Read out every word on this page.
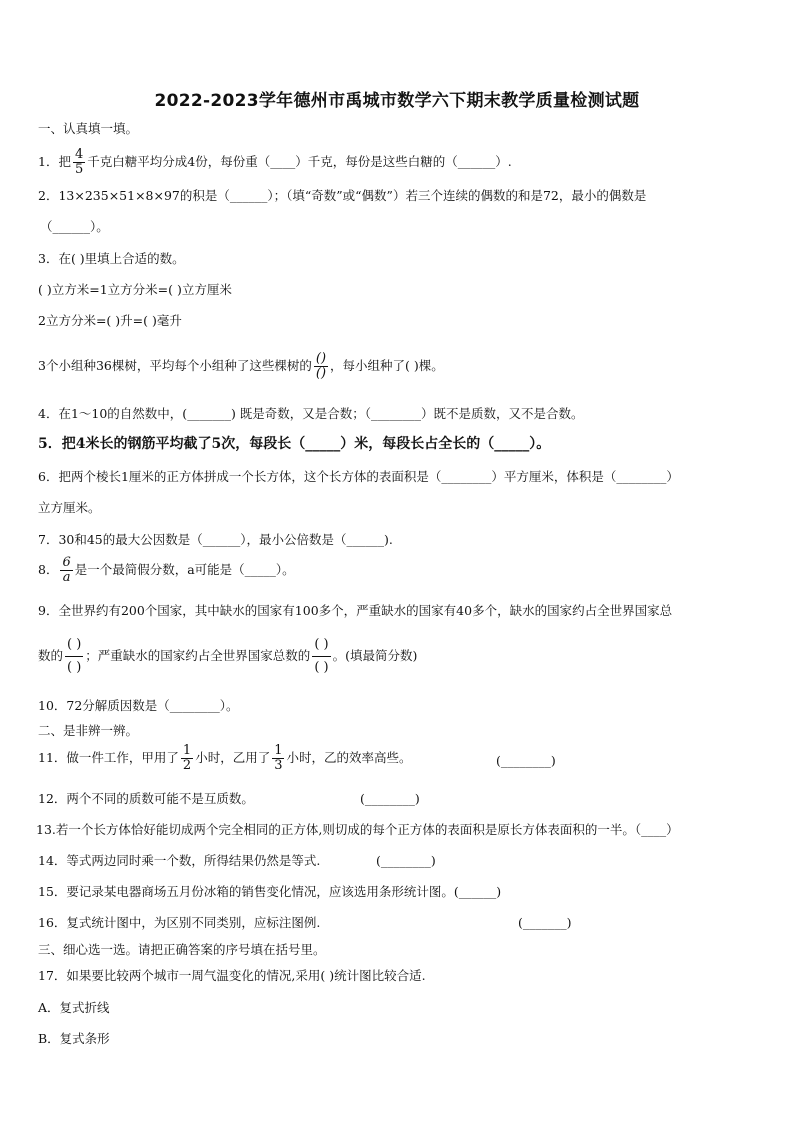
2022-2023学年德州市禹城市数学六下期末教学质量检测试题
一、认真填一填。
1．把 $\frac{4}{5}$ 千克白糖平均分成4份，每份重（____）千克，每份是这些白糖的（______）.
2．13×235×51×8×97的积是（______）；（填“奇数”或“偶数”）若三个连续的偶数的和是72，最小的偶数是
（______）。
3．在( )里填上合适的数。
( )立方米=1立方分米=( )立方厘米
2立方分米=( )升=( )毫升
3个小组种36棵树，平均每个小组种了这些棵树的 $\frac{()}{()}$ ，每小组种了( )棵。
4．在1～10的自然数中，(_______) 既是奇数，又是合数；（________）既不是质数，又不是合数。
5．把4米长的钢筋平均截了5次，每段长（_____）米，每段长占全长的（_____）。
6．把两个棱长1厘米的正方体拼成一个长方体，这个长方体的表面积是（________）平方厘米，体积是（________）
立方厘米。
7．30和45的最大公因数是（______），最小公倍数是（______).
8． $\frac{6}{a}$ 是一个最简假分数，a可能是（_____）。
9．全世界约有200个国家，其中缺水的国家有100多个，严重缺水的国家有40多个，缺水的国家约占全世界国家总
数的 $\frac{( )}{( )}$ ；严重缺水的国家约占全世界国家总数的 $\frac{( )}{( )}$ 。(填最简分数)
10．72分解质因数是（________）。
二、是非辨一辨。
11．做一件工作，甲用了 $\frac{1}{2}$ 小时，乙用了 $\frac{1}{3}$ 小时，乙的效率高些。	(________)
12．两个不同的质数可能不是互质数。	(________)
13.若一个长方体恰好能切成两个完全相同的正方体,则切成的每个正方体的表面积是原长方体表面积的一半。（____）
14．等式两边同时乘一个数，所得结果仍然是等式.	(________)
15．要记录某电器商场五月份冰箱的销售变化情况，应该选用条形统计图。(______)
16．复式统计图中，为区别不同类别，应标注图例.	(_______)
三、细心选一选。请把正确答案的序号填在括号里。
17．如果要比较两个城市一周气温变化的情况,采用( )统计图比较合适.
A．复式折线
B．复式条形
